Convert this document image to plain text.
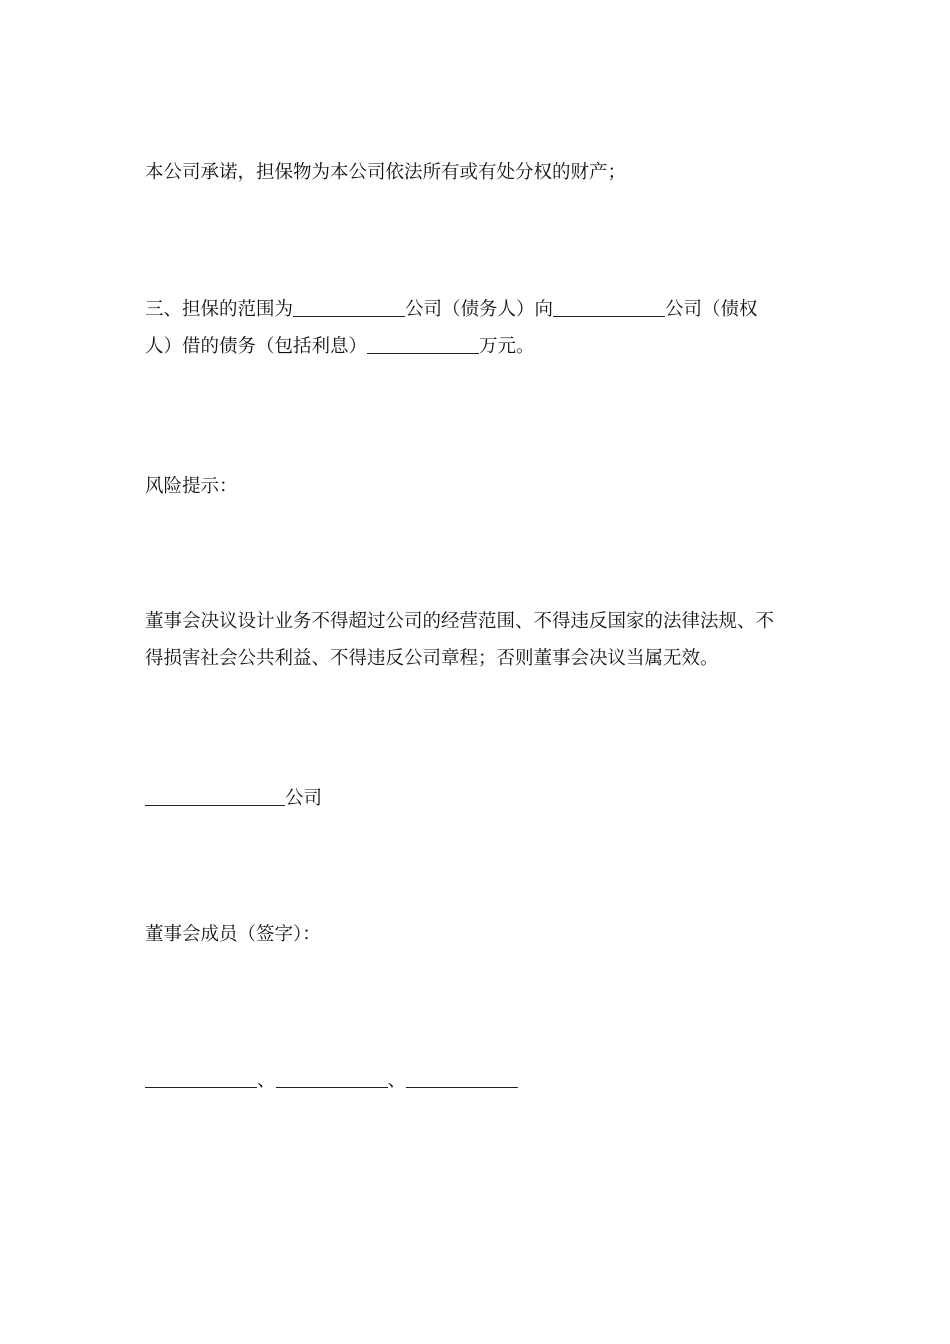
本公司承诺，担保物为本公司依法所有或有处分权的财产；

三、担保的范围为	公司（债务人）向	公司（债权
人）借的债务（包括利息）	万元。

风险提示：

董事会决议设计业务不得超过公司的经营范围、不得违反国家的法律法规、不
得损害社会公共利益、不得违反公司章程；否则董事会决议当属无效。

公司

董事会成员（签字）：

、	、
